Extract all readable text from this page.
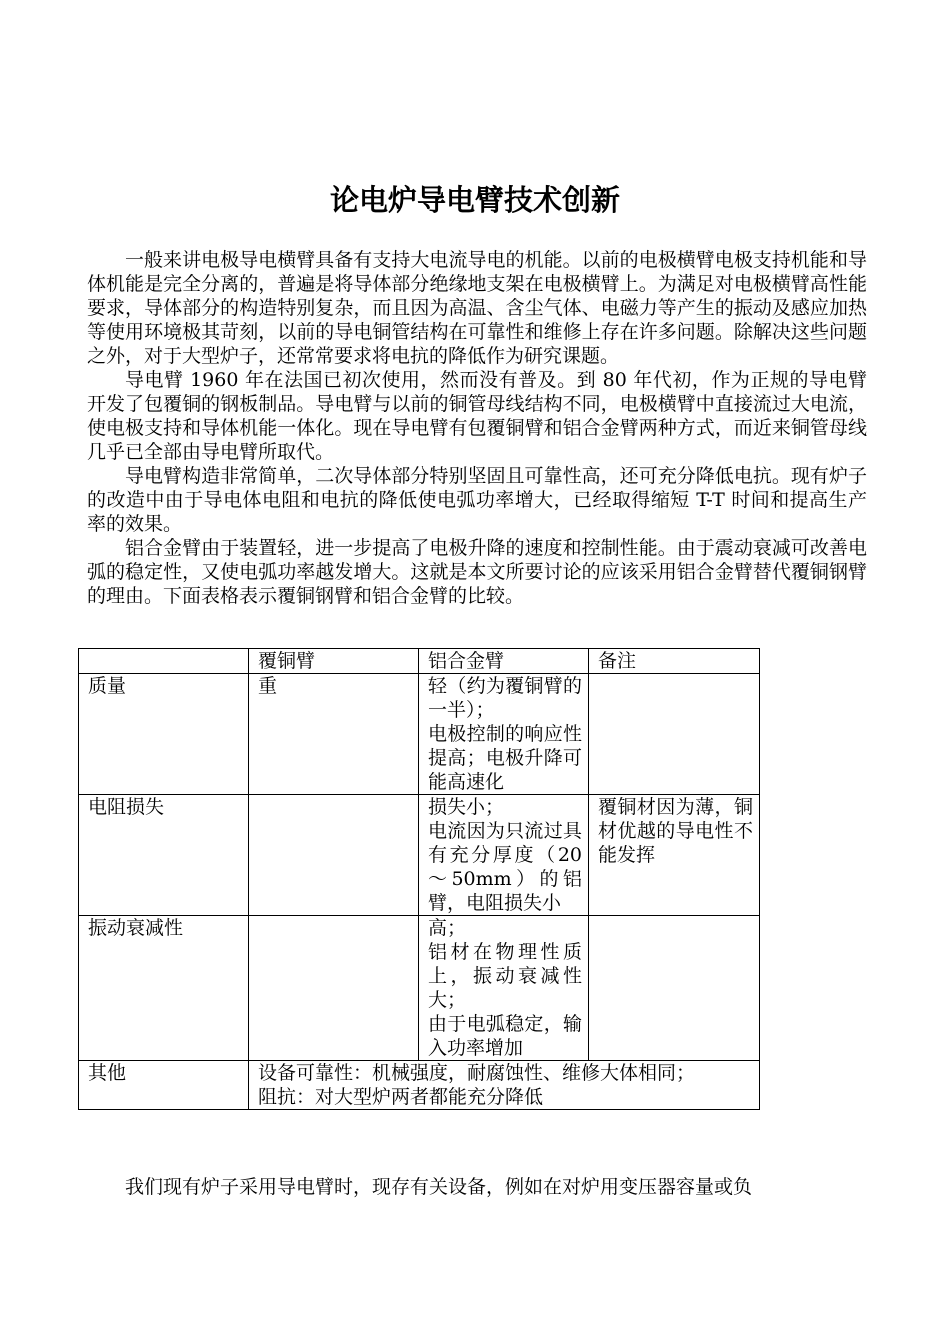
论电炉导电臂技术创新

一般来讲电极导电横臂具备有支持大电流导电的机能。以前的电极横臂电极支持机能和导体机能是完全分离的，普遍是将导体部分绝缘地支架在电极横臂上。为满足对电极横臂高性能要求，导体部分的构造特别复杂，而且因为高温、含尘气体、电磁力等产生的振动及感应加热等使用环境极其苛刻，以前的导电铜管结构在可靠性和维修上存在许多问题。除解决这些问题之外，对于大型炉子，还常常要求将电抗的降低作为研究课题。

导电臂 1960 年在法国已初次使用，然而没有普及。到 80 年代初，作为正规的导电臂开发了包覆铜的钢板制品。导电臂与以前的铜管母线结构不同，电极横臂中直接流过大电流，使电极支持和导体机能一体化。现在导电臂有包覆铜臂和铝合金臂两种方式，而近来铜管母线几乎已全部由导电臂所取代。

导电臂构造非常简单，二次导体部分特别坚固且可靠性高，还可充分降低电抗。现有炉子的改造中由于导电体电阻和电抗的降低使电弧功率增大，已经取得缩短 T-T 时间和提高生产率的效果。

铝合金臂由于装置轻，进一步提高了电极升降的速度和控制性能。由于震动衰减可改善电弧的稳定性，又使电弧功率越发增大。这就是本文所要讨论的应该采用铝合金臂替代覆铜钢臂的理由。下面表格表示覆铜钢臂和铝合金臂的比较。

	覆铜臂	铝合金臂	备注
质量	重	轻（约为覆铜臂的一半）；
电极控制的响应性提高；电极升降可能高速化	

电阻损失		损失小；
电流因为只流过具有充分厚度（20～50mm）的铝臂，电阻损失小	覆铜材因为薄，铜材优越的导电性不能发挥
振动衰减性		高；
铝材在物理性质上，振动衰减性大；
由于电弧稳定，输入功率增加	

其他	设备可靠性：机械强度，耐腐蚀性、维修大体相同；
阻抗：对大型炉两者都能充分降低		

我们现有炉子采用导电臂时，现存有关设备，例如在对炉用变压器容量或负
